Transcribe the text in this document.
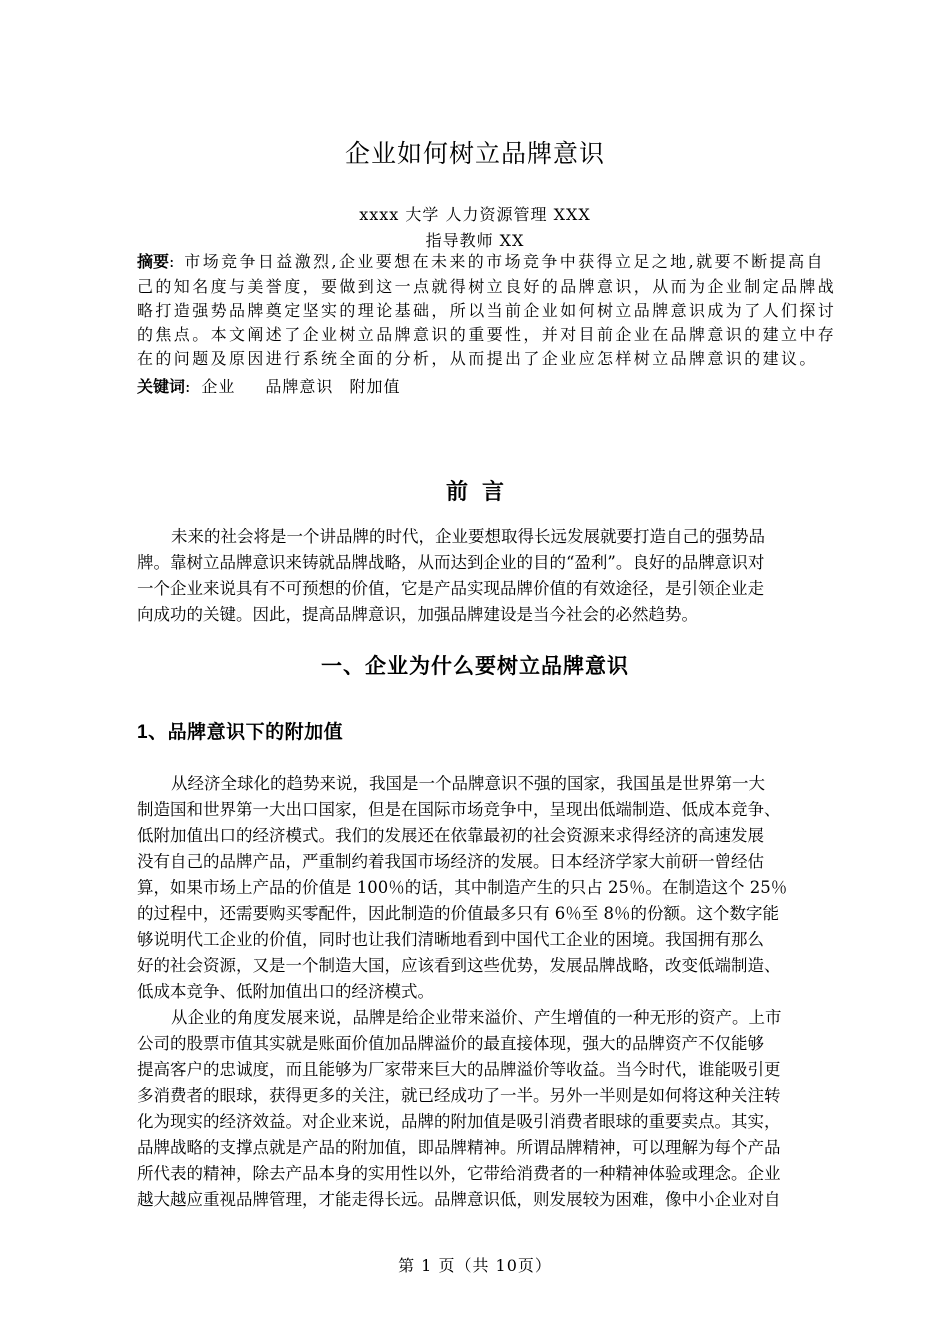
企业如何树立品牌意识
xxxx 大学 人力资源管理 XXX
指导教师 XX
摘要: 市场竞争日益激烈,企业要想在未来的市场竞争中获得立足之地,就要不断提高自
己的知名度与美誉度，要做到这一点就得树立良好的品牌意识，从而为企业制定品牌战
略打造强势品牌奠定坚实的理论基础，所以当前企业如何树立品牌意识成为了人们探讨
的焦点。本文阐述了企业树立品牌意识的重要性，并对目前企业在品牌意识的建立中存
在的问题及原因进行系统全面的分析，从而提出了企业应怎样树立品牌意识的建议。
关键词: 企业 品牌意识 附加值
前言
未来的社会将是一个讲品牌的时代，企业要想取得长远发展就要打造自己的强势品
牌。靠树立品牌意识来铸就品牌战略，从而达到企业的目的“盈利”。良好的品牌意识对
一个企业来说具有不可预想的价值，它是产品实现品牌价值的有效途径，是引领企业走
向成功的关键。因此，提高品牌意识，加强品牌建设是当今社会的必然趋势。
一、企业为什么要树立品牌意识
1、品牌意识下的附加值
从经济全球化的趋势来说，我国是一个品牌意识不强的国家，我国虽是世界第一大
制造国和世界第一大出口国家，但是在国际市场竞争中，呈现出低端制造、低成本竞争、
低附加值出口的经济模式。我们的发展还在依靠最初的社会资源来求得经济的高速发展
没有自己的品牌产品，严重制约着我国市场经济的发展。日本经济学家大前研一曾经估
算，如果市场上产品的价值是 100％的话，其中制造产生的只占 25％。在制造这个 25％
的过程中，还需要购买零配件，因此制造的价值最多只有 6％至 8％的份额。这个数字能
够说明代工企业的价值，同时也让我们清晰地看到中国代工企业的困境。我国拥有那么
好的社会资源，又是一个制造大国，应该看到这些优势，发展品牌战略，改变低端制造、
低成本竞争、低附加值出口的经济模式。
从企业的角度发展来说，品牌是给企业带来溢价、产生增值的一种无形的资产。上市
公司的股票市值其实就是账面价值加品牌溢价的最直接体现，强大的品牌资产不仅能够
提高客户的忠诚度，而且能够为厂家带来巨大的品牌溢价等收益。当今时代，谁能吸引更
多消费者的眼球，获得更多的关注，就已经成功了一半。另外一半则是如何将这种关注转
化为现实的经济效益。对企业来说，品牌的附加值是吸引消费者眼球的重要卖点。其实，
品牌战略的支撑点就是产品的附加值，即品牌精神。所谓品牌精神，可以理解为每个产品
所代表的精神，除去产品本身的实用性以外，它带给消费者的一种精神体验或理念。企业
越大越应重视品牌管理，才能走得长远。品牌意识低，则发展较为困难，像中小企业对自
第 1 页（共 10页）
